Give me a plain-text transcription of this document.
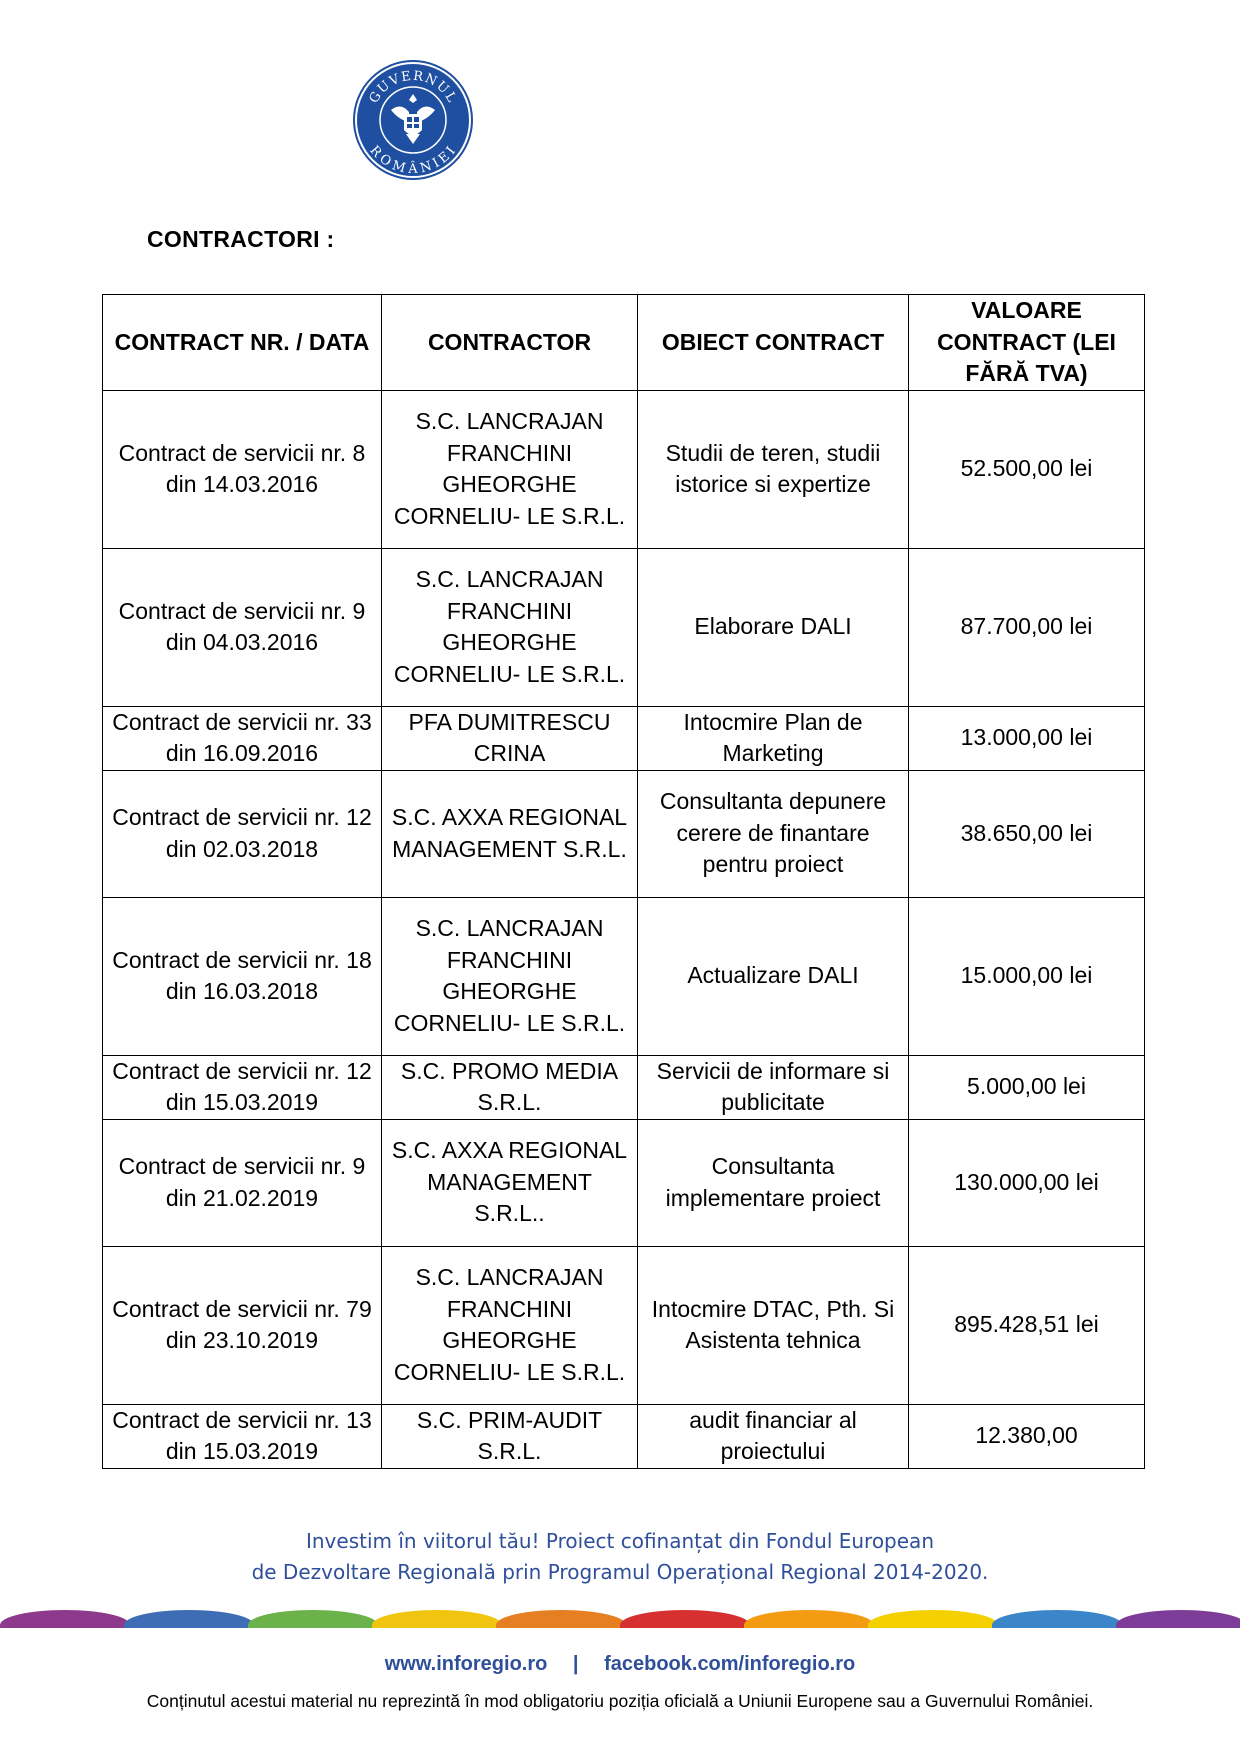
GUVERNUL
ROMÂNIEI
CONTRACTORI :
CONTRACT NR. / DATA	CONTRACTOR	OBIECT CONTRACT	VALOARE CONTRACT (LEI FĂRĂ TVA)
Contract de servicii nr. 8 din 14.03.2016	S.C. LANCRAJAN FRANCHINI GHEORGHE CORNELIU- LE S.R.L.	Studii de teren, studii istorice si expertize	52.500,00 lei
Contract de servicii nr. 9 din 04.03.2016	S.C. LANCRAJAN FRANCHINI GHEORGHE CORNELIU- LE S.R.L.	Elaborare DALI	87.700,00 lei
Contract de servicii nr. 33 din 16.09.2016	PFA DUMITRESCU CRINA	Intocmire Plan de Marketing	13.000,00 lei
Contract de servicii nr. 12 din 02.03.2018	S.C. AXXA REGIONAL MANAGEMENT S.R.L.	Consultanta depunere cerere de finantare pentru proiect	38.650,00 lei
Contract de servicii nr. 18 din 16.03.2018	S.C. LANCRAJAN FRANCHINI GHEORGHE CORNELIU- LE S.R.L.	Actualizare DALI	15.000,00 lei
Contract de servicii nr. 12 din 15.03.2019	S.C. PROMO MEDIA S.R.L.	Servicii de informare si publicitate	5.000,00 lei
Contract de servicii nr. 9 din 21.02.2019	S.C. AXXA REGIONAL MANAGEMENT S.R.L..	Consultanta implementare proiect	130.000,00 lei
Contract de servicii nr. 79 din 23.10.2019	S.C. LANCRAJAN FRANCHINI GHEORGHE CORNELIU- LE S.R.L.	Intocmire DTAC, Pth. Si Asistenta tehnica	895.428,51 lei
Contract de servicii nr. 13 din 15.03.2019	S.C. PRIM-AUDIT S.R.L.	audit financiar al proiectului	12.380,00
Investim în viitorul tău! Proiect cofinanțat din Fondul European
de Dezvoltare Regională prin Programul Operațional Regional 2014-2020.
www.inforegio.ro | facebook.com/inforegio.ro
Conținutul acestui material nu reprezintă în mod obligatoriu poziția oficială a Uniunii Europene sau a Guvernului României.
